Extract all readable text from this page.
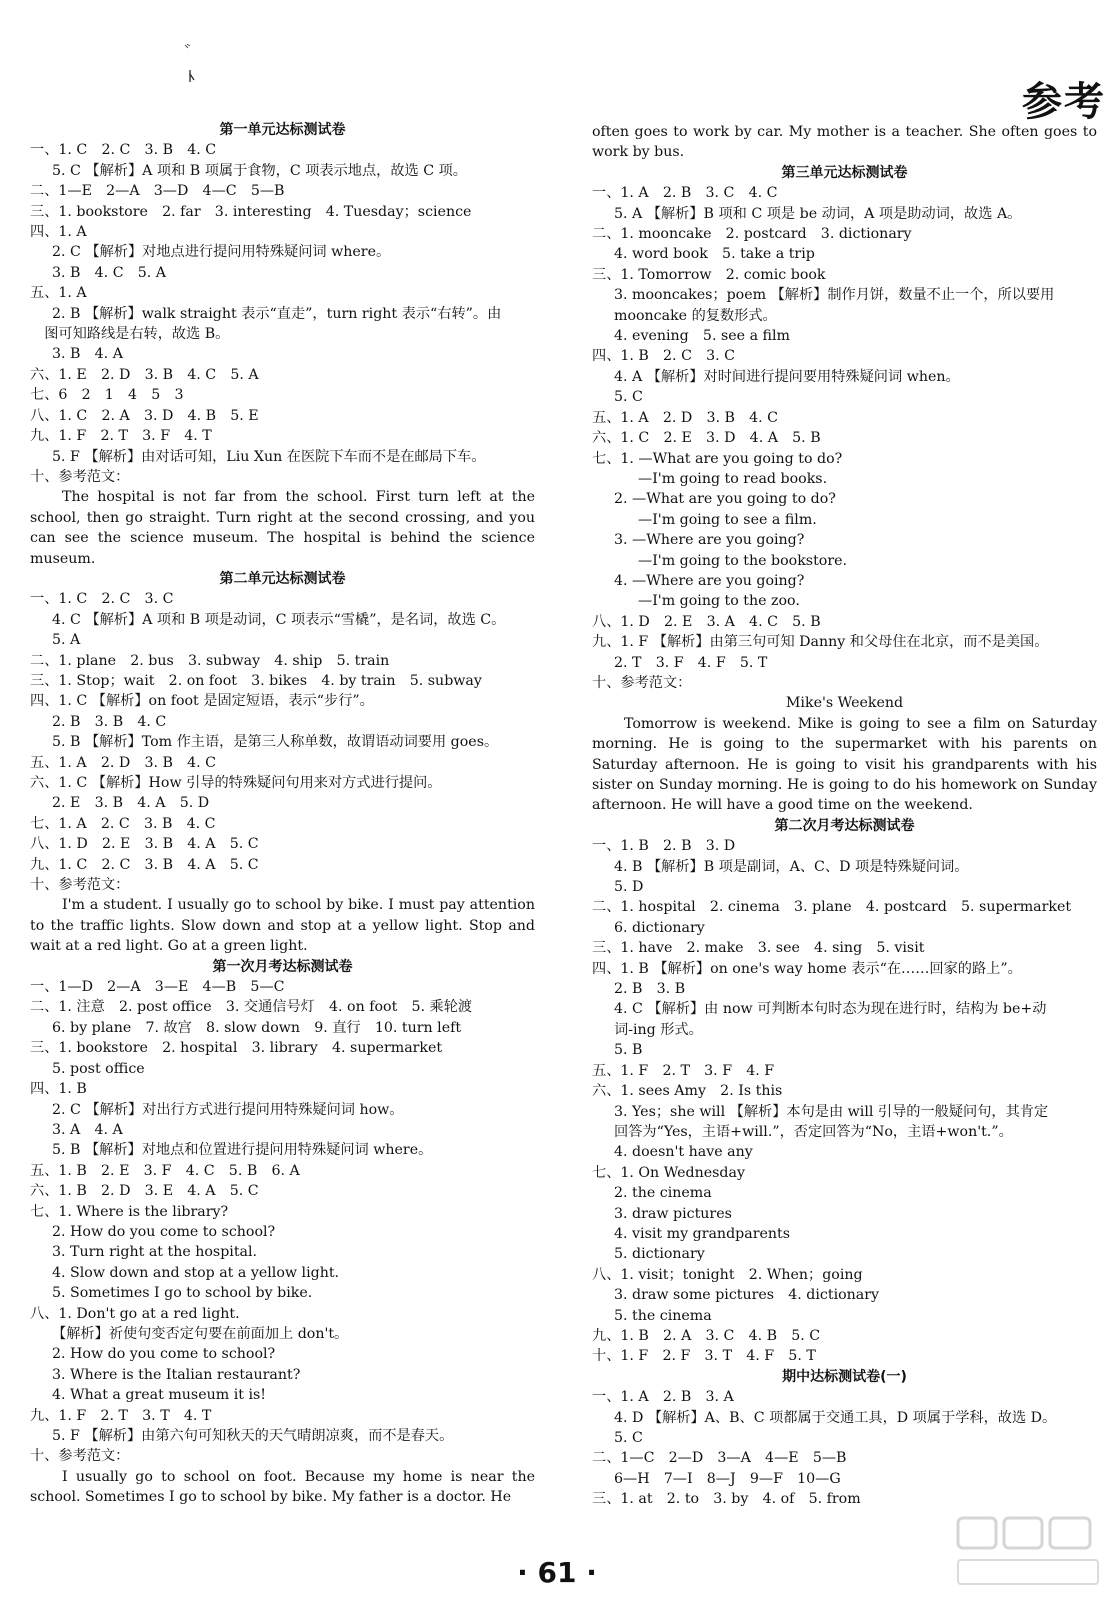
参考
第一单元达标测试卷
一、1. C　2. C　3. B　4. C
5. C 【解析】A 项和 B 项属于食物，C 项表示地点，故选 C 项。
二、1—E　2—A　3—D　4—C　5—B
三、1. bookstore　2. far　3. interesting　4. Tuesday；science
四、1. A
2. C 【解析】对地点进行提问用特殊疑问词 where。
3. B　4. C　5. A
五、1. A
2. B 【解析】walk straight 表示“直走”，turn right 表示“右转”。由
　图可知路线是右转，故选 B。
3. B　4. A
六、1. E　2. D　3. B　4. C　5. A
七、6　2　1　4　5　3
八、1. C　2. A　3. D　4. B　5. E
九、1. F　2. T　3. F　4. T
5. F 【解析】由对话可知，Liu Xun 在医院下车而不是在邮局下车。
十、参考范文：
The hospital is not far from the school. First turn left at the school, then go straight. Turn right at the second crossing, and you can see the science museum. The hospital is behind the science museum.
第二单元达标测试卷
一、1. C　2. C　3. C
4. C 【解析】A 项和 B 项是动词，C 项表示“雪橇”，是名词，故选 C。
5. A
二、1. plane　2. bus　3. subway　4. ship　5. train
三、1. Stop；wait　2. on foot　3. bikes　4. by train　5. subway
四、1. C 【解析】on foot 是固定短语，表示“步行”。
2. B　3. B　4. C
5. B 【解析】Tom 作主语，是第三人称单数，故谓语动词要用 goes。
五、1. A　2. D　3. B　4. C
六、1. C 【解析】How 引导的特殊疑问句用来对方式进行提问。
2. E　3. B　4. A　5. D
七、1. A　2. C　3. B　4. C
八、1. D　2. E　3. B　4. A　5. C
九、1. C　2. C　3. B　4. A　5. C
十、参考范文：
I'm a student. I usually go to school by bike. I must pay attention to the traffic lights. Slow down and stop at a yellow light. Stop and wait at a red light. Go at a green light.
第一次月考达标测试卷
一、1—D　2—A　3—E　4—B　5—C
二、1. 注意　2. post office　3. 交通信号灯　4. on foot　5. 乘轮渡
6. by plane　7. 故宫　8. slow down　9. 直行　10. turn left
三、1. bookstore　2. hospital　3. library　4. supermarket
5. post office
四、1. B
2. C 【解析】对出行方式进行提问用特殊疑问词 how。
3. A　4. A
5. B 【解析】对地点和位置进行提问用特殊疑问词 where。
五、1. B　2. E　3. F　4. C　5. B　6. A
六、1. B　2. D　3. E　4. A　5. C
七、1. Where is the library?
2. How do you come to school?
3. Turn right at the hospital.
4. Slow down and stop at a yellow light.
5. Sometimes I go to school by bike.
八、1. Don't go at a red light.
【解析】祈使句变否定句要在前面加上 don't。
2. How do you come to school?
3. Where is the Italian restaurant?
4. What a great museum it is!
九、1. F　2. T　3. T　4. T
5. F 【解析】由第六句可知秋天的天气晴朗凉爽，而不是春天。
十、参考范文：
I usually go to school on foot. Because my home is near the school. Sometimes I go to school by bike. My father is a doctor. He
often goes to work by car. My mother is a teacher. She often goes to work by bus.
第三单元达标测试卷
一、1. A　2. B　3. C　4. C
5. A 【解析】B 项和 C 项是 be 动词，A 项是助动词，故选 A。
二、1. mooncake　2. postcard　3. dictionary
4. word book　5. take a trip
三、1. Tomorrow　2. comic book
3. mooncakes；poem 【解析】制作月饼，数量不止一个，所以要用
mooncake 的复数形式。
4. evening　5. see a film
四、1. B　2. C　3. C
4. A 【解析】对时间进行提问要用特殊疑问词 when。
5. C
五、1. A　2. D　3. B　4. C
六、1. C　2. E　3. D　4. A　5. B
七、1. —What are you going to do?
—I'm going to read books.
2. —What are you going to do?
—I'm going to see a film.
3. —Where are you going?
—I'm going to the bookstore.
4. —Where are you going?
—I'm going to the zoo.
八、1. D　2. E　3. A　4. C　5. B
九、1. F 【解析】由第三句可知 Danny 和父母住在北京，而不是美国。
2. T　3. F　4. F　5. T
十、参考范文：
Mike's Weekend
Tomorrow is weekend. Mike is going to see a film on Saturday morning. He is going to the supermarket with his parents on Saturday afternoon. He is going to visit his grandparents with his sister on Sunday morning. He is going to do his homework on Sunday afternoon. He will have a good time on the weekend.
第二次月考达标测试卷
一、1. B　2. B　3. D
4. B 【解析】B 项是副词，A、C、D 项是特殊疑问词。
5. D
二、1. hospital　2. cinema　3. plane　4. postcard　5. supermarket
6. dictionary
三、1. have　2. make　3. see　4. sing　5. visit
四、1. B 【解析】on one's way home 表示“在……回家的路上”。
2. B　3. B
4. C 【解析】由 now 可判断本句时态为现在进行时，结构为 be+动
词-ing 形式。
5. B
五、1. F　2. T　3. F　4. F
六、1. sees Amy　2. Is this
3. Yes；she will 【解析】本句是由 will 引导的一般疑问句，其肯定
回答为“Yes，主语+will.”，否定回答为“No，主语+won't.”。
4. doesn't have any
七、1. On Wednesday
2. the cinema
3. draw pictures
4. visit my grandparents
5. dictionary
八、1. visit；tonight　2. When；going
3. draw some pictures　4. dictionary
5. the cinema
九、1. B　2. A　3. C　4. B　5. C
十、1. F　2. F　3. T　4. F　5. T
期中达标测试卷(一)
一、1. A　2. B　3. A
4. D 【解析】A、B、C 项都属于交通工具，D 项属于学科，故选 D。
5. C
二、1—C　2—D　3—A　4—E　5—B
6—H　7—I　8—J　9—F　10—G
三、1. at　2. to　3. by　4. of　5. from
· 61 ·
